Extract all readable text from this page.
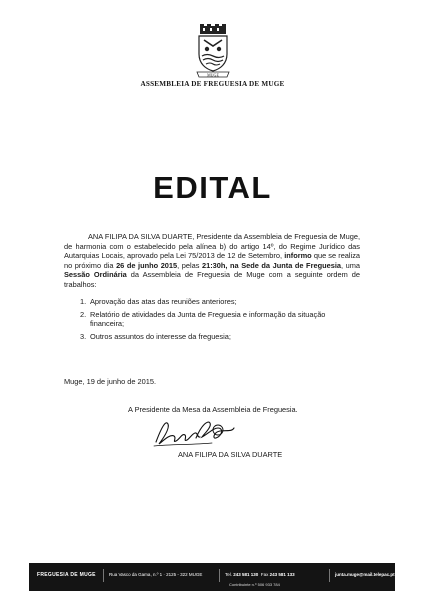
MUGE
ASSEMBLEIA DE FREGUESIA DE MUGE
EDITAL
ANA FILIPA DA SILVA DUARTE, Presidente da Assembleia de Freguesia de Muge, de harmonia com o estabelecido pela alínea b) do artigo 14º, do Regime Jurídico das Autarquias Locais, aprovado pela Lei 75/2013 de 12 de Setembro, informo que se realiza no próximo dia 26 de junho 2015, pelas 21:30h, na Sede da Junta de Freguesia, uma Sessão Ordinária da Assembleia de Freguesia de Muge com a seguinte ordem de trabalhos:
1. Aprovação das atas das reuniões anteriores;
2. Relatório de atividades da Junta de Freguesia e informação da situação financeira;
3. Outros assuntos do interesse da freguesia;
Muge, 19 de junho de 2015.
A Presidente da Mesa da Assembleia de Freguesia.
ANA FILIPA DA SILVA DUARTE
FREGUESIA DE MUGE	Rua Vasco da Gama, n.º 1 · 2125 - 322 MUGE	Tel. 243 581 130 Fax 243 581 133	junta.muge@mail.telepac.pt
Contribuinte n.º 506 933 784
